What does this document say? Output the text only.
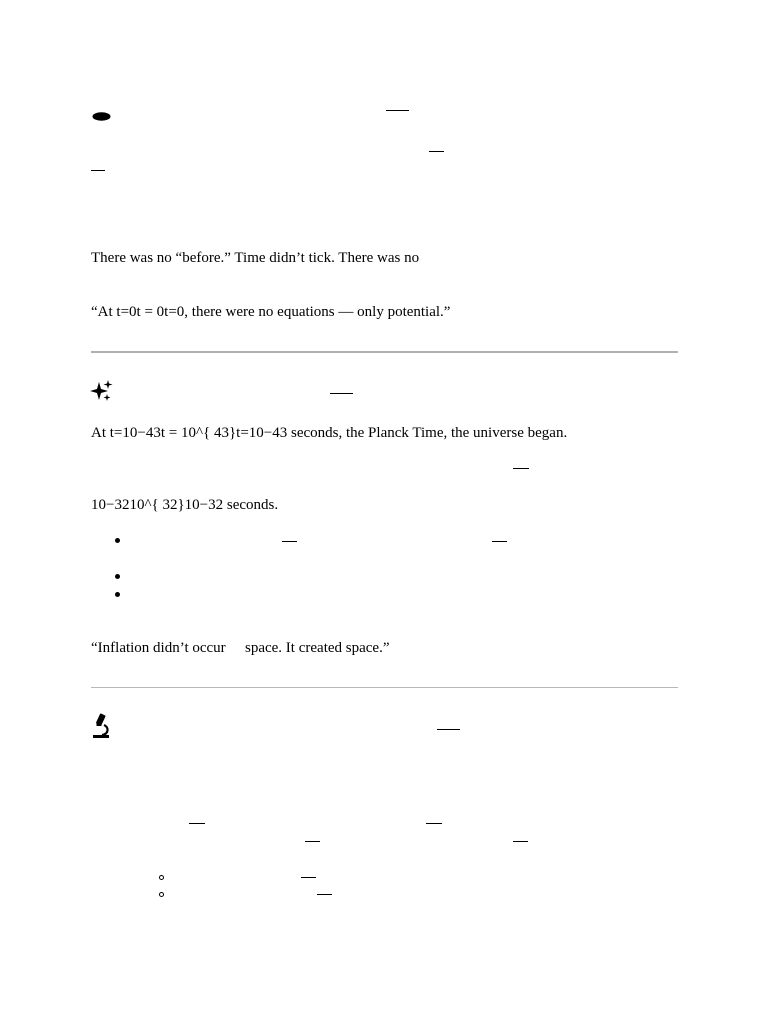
There was no “before.” Time didn’t tick. There was no
“At t=0t = 0t=0, there were no equations — only potential.”
At t=10−43t = 10^{ 43}t=10−43 seconds, the Planck Time, the universe began.
10−3210^{ 32}10−32 seconds.
“Inflation didn’t occur space. It created space.”
